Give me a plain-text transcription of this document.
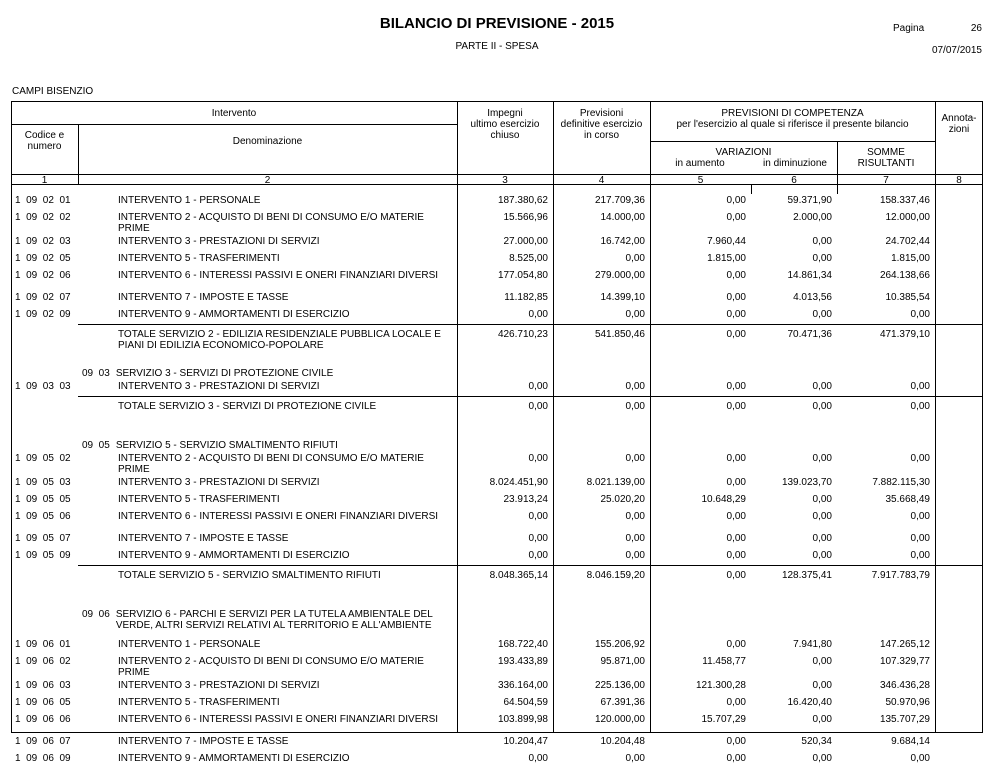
BILANCIO DI PREVISIONE - 2015
PARTE II - SPESA
Pagina	26
07/07/2015
CAMPI BISENZIO
Intervento
Codice e
numero	Denominazione
Impegni
ultimo esercizio
chiuso
Previsioni
definitive esercizio
in corso
PREVISIONI DI COMPETENZA
per l'esercizio al quale si riferisce il presente bilancio
VARIAZIONI
in aumento	in diminuzione
SOMME
RISULTANTI
Annota-
zioni
1	2	3	4	5	6	7	8
1  09  02  01	INTERVENTO 1 - PERSONALE	187.380,62	217.709,36	0,00	59.371,90	158.337,46	
1  09  02  02	INTERVENTO 2 - ACQUISTO DI BENI DI CONSUMO E/O MATERIE PRIME	15.566,96	14.000,00	0,00	2.000,00	12.000,00	
1  09  02  03	INTERVENTO 3 - PRESTAZIONI DI SERVIZI	27.000,00	16.742,00	7.960,44	0,00	24.702,44	
1  09  02  05	INTERVENTO 5 - TRASFERIMENTI	8.525,00	0,00	1.815,00	0,00	1.815,00	
1  09  02  06	INTERVENTO 6 - INTERESSI PASSIVI E ONERI FINANZIARI DIVERSI	177.054,80	279.000,00	0,00	14.861,34	264.138,66	
1  09  02  07	INTERVENTO 7 - IMPOSTE E TASSE	11.182,85	14.399,10	0,00	4.013,56	10.385,54	
1  09  02  09	INTERVENTO 9 - AMMORTAMENTI DI ESERCIZIO	0,00	0,00	0,00	0,00	0,00	
	TOTALE SERVIZIO 2 - EDILIZIA RESIDENZIALE PUBBLICA LOCALE E PIANI DI EDILIZIA ECONOMICO-POPOLARE	426.710,23	541.850,46	0,00	70.471,36	471.379,10	
	09  03 SERVIZIO 3 - SERVIZI DI PROTEZIONE CIVILE						
1  09  03  03	INTERVENTO 3 - PRESTAZIONI DI SERVIZI	0,00	0,00	0,00	0,00	0,00	
	TOTALE SERVIZIO 3 - SERVIZI DI PROTEZIONE CIVILE	0,00	0,00	0,00	0,00	0,00	
	09  05 SERVIZIO 5 - SERVIZIO SMALTIMENTO RIFIUTI						
1  09  05  02	INTERVENTO 2 - ACQUISTO DI BENI DI CONSUMO E/O MATERIE PRIME	0,00	0,00	0,00	0,00	0,00	
1  09  05  03	INTERVENTO 3 - PRESTAZIONI DI SERVIZI	8.024.451,90	8.021.139,00	0,00	139.023,70	7.882.115,30	
1  09  05  05	INTERVENTO 5 - TRASFERIMENTI	23.913,24	25.020,20	10.648,29	0,00	35.668,49	
1  09  05  06	INTERVENTO 6 - INTERESSI PASSIVI E ONERI FINANZIARI DIVERSI	0,00	0,00	0,00	0,00	0,00	
1  09  05  07	INTERVENTO 7 - IMPOSTE E TASSE	0,00	0,00	0,00	0,00	0,00	
1  09  05  09	INTERVENTO 9 - AMMORTAMENTI DI ESERCIZIO	0,00	0,00	0,00	0,00	0,00	
	TOTALE SERVIZIO 5 - SERVIZIO SMALTIMENTO RIFIUTI	8.048.365,14	8.046.159,20	0,00	128.375,41	7.917.783,79	
	09  06 SERVIZIO 6 - PARCHI E SERVIZI PER LA TUTELA AMBIENTALE DEL VERDE, ALTRI SERVIZI RELATIVI AL TERRITORIO E ALL'AMBIENTE						
1  09  06  01	INTERVENTO 1 - PERSONALE	168.722,40	155.206,92	0,00	7.941,80	147.265,12	
1  09  06  02	INTERVENTO 2 - ACQUISTO DI BENI DI CONSUMO E/O MATERIE PRIME	193.433,89	95.871,00	11.458,77	0,00	107.329,77	
1  09  06  03	INTERVENTO 3 - PRESTAZIONI DI SERVIZI	336.164,00	225.136,00	121.300,28	0,00	346.436,28	
1  09  06  05	INTERVENTO 5 - TRASFERIMENTI	64.504,59	67.391,36	0,00	16.420,40	50.970,96	
1  09  06  06	INTERVENTO 6 - INTERESSI PASSIVI E ONERI FINANZIARI DIVERSI	103.899,98	120.000,00	15.707,29	0,00	135.707,29	
1  09  06  07	INTERVENTO 7 - IMPOSTE E TASSE	10.204,47	10.204,48	0,00	520,34	9.684,14	
1  09  06  09	INTERVENTO 9 - AMMORTAMENTI DI ESERCIZIO	0,00	0,00	0,00	0,00	0,00	
